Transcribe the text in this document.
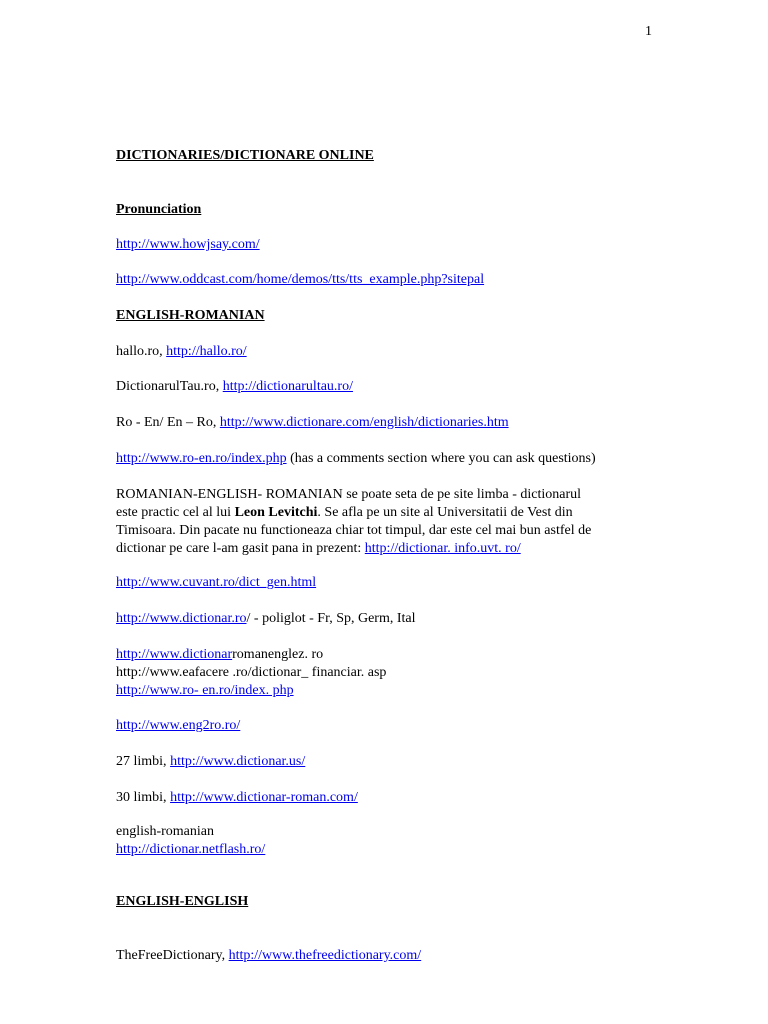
1
DICTIONARIES/DICTIONARE ONLINE
Pronunciation
http://www.howjsay.com/
http://www.oddcast.com/home/demos/tts/tts_example.php?sitepal
ENGLISH-ROMANIAN
hallo.ro, http://hallo.ro/
DictionarulTau.ro, http://dictionarultau.ro/
Ro - En/ En – Ro, http://www.dictionare.com/english/dictionaries.htm
http://www.ro-en.ro/index.php (has a comments section where you can ask questions)
ROMANIAN-ENGLISH- ROMANIAN se poate seta de pe site limba - dictionarul
este practic cel al lui Leon Levitchi. Se afla pe un site al Universitatii de Vest din
Timisoara. Din pacate nu functioneaza chiar tot timpul, dar este cel mai bun astfel de
dictionar pe care l-am gasit pana in prezent: http://dictionar. info.uvt. ro/
http://www.cuvant.ro/dict_gen.html
http://www.dictionar.ro/ - poliglot - Fr, Sp, Germ, Ital
http://www.dictionarromanenglez. ro
http://www.eafacere .ro/dictionar_ financiar. asp
http://www.ro- en.ro/index. php
http://www.eng2ro.ro/
27 limbi, http://www.dictionar.us/
30 limbi, http://www.dictionar-roman.com/
english-romanian
http://dictionar.netflash.ro/
ENGLISH-ENGLISH
TheFreeDictionary, http://www.thefreedictionary.com/
